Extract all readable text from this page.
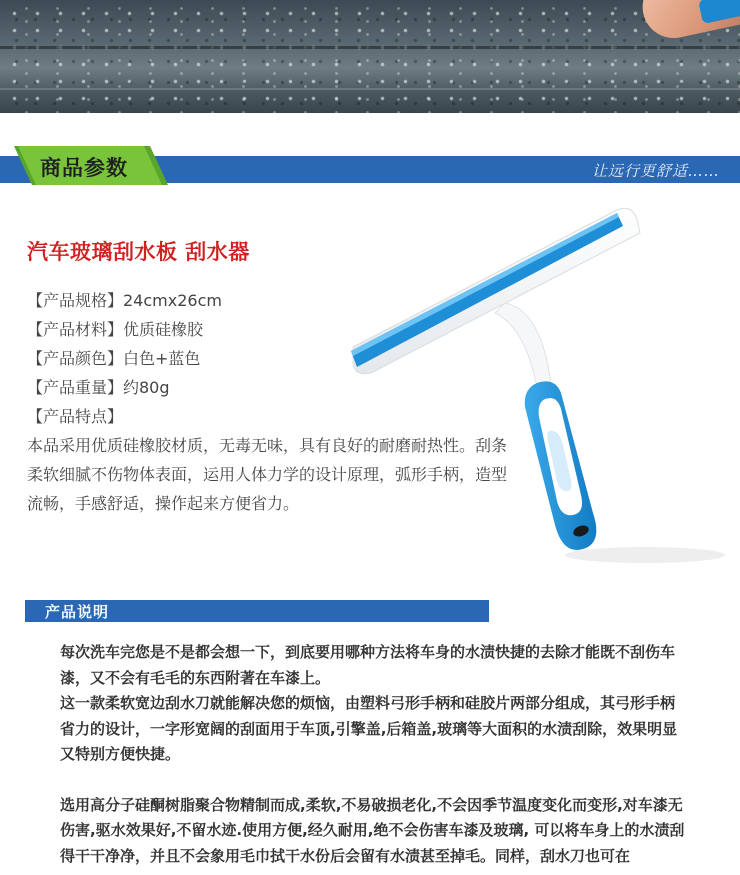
让远行更舒适……
商品参数
汽车玻璃刮水板 刮水器
【产品规格】24cmx26cm
【产品材料】优质硅橡胶
【产品颜色】白色+蓝色
【产品重量】约80g
【产品特点】
本品采用优质硅橡胶材质，无毒无味，具有良好的耐磨耐热性。刮条柔软细腻不伤物体表面，运用人体力学的设计原理，弧形手柄，造型流畅，手感舒适，操作起来方便省力。
产品说明

每次洗车完您是不是都会想一下，到底要用哪种方法将车身的水渍快捷的去除才能既不刮伤车漆，又不会有毛毛的东西附著在车漆上。

这一款柔软宽边刮水刀就能解决您的烦恼，由塑料弓形手柄和硅胶片两部分组成，其弓形手柄省力的设计，一字形宽阔的刮面用于车顶,引擎盖,后箱盖,玻璃等大面积的水渍刮除，效果明显又特别方便快捷。

选用高分子硅酮树脂聚合物精制而成,柔软,不易破损老化,不会因季节温度变化而变形,对车漆无伤害,驱水效果好,不留水迹.使用方便,经久耐用,绝不会伤害车漆及玻璃, 可以将车身上的水渍刮得干干净净，并且不会象用毛巾拭干水份后会留有水渍甚至掉毛。同样，刮水刀也可在
